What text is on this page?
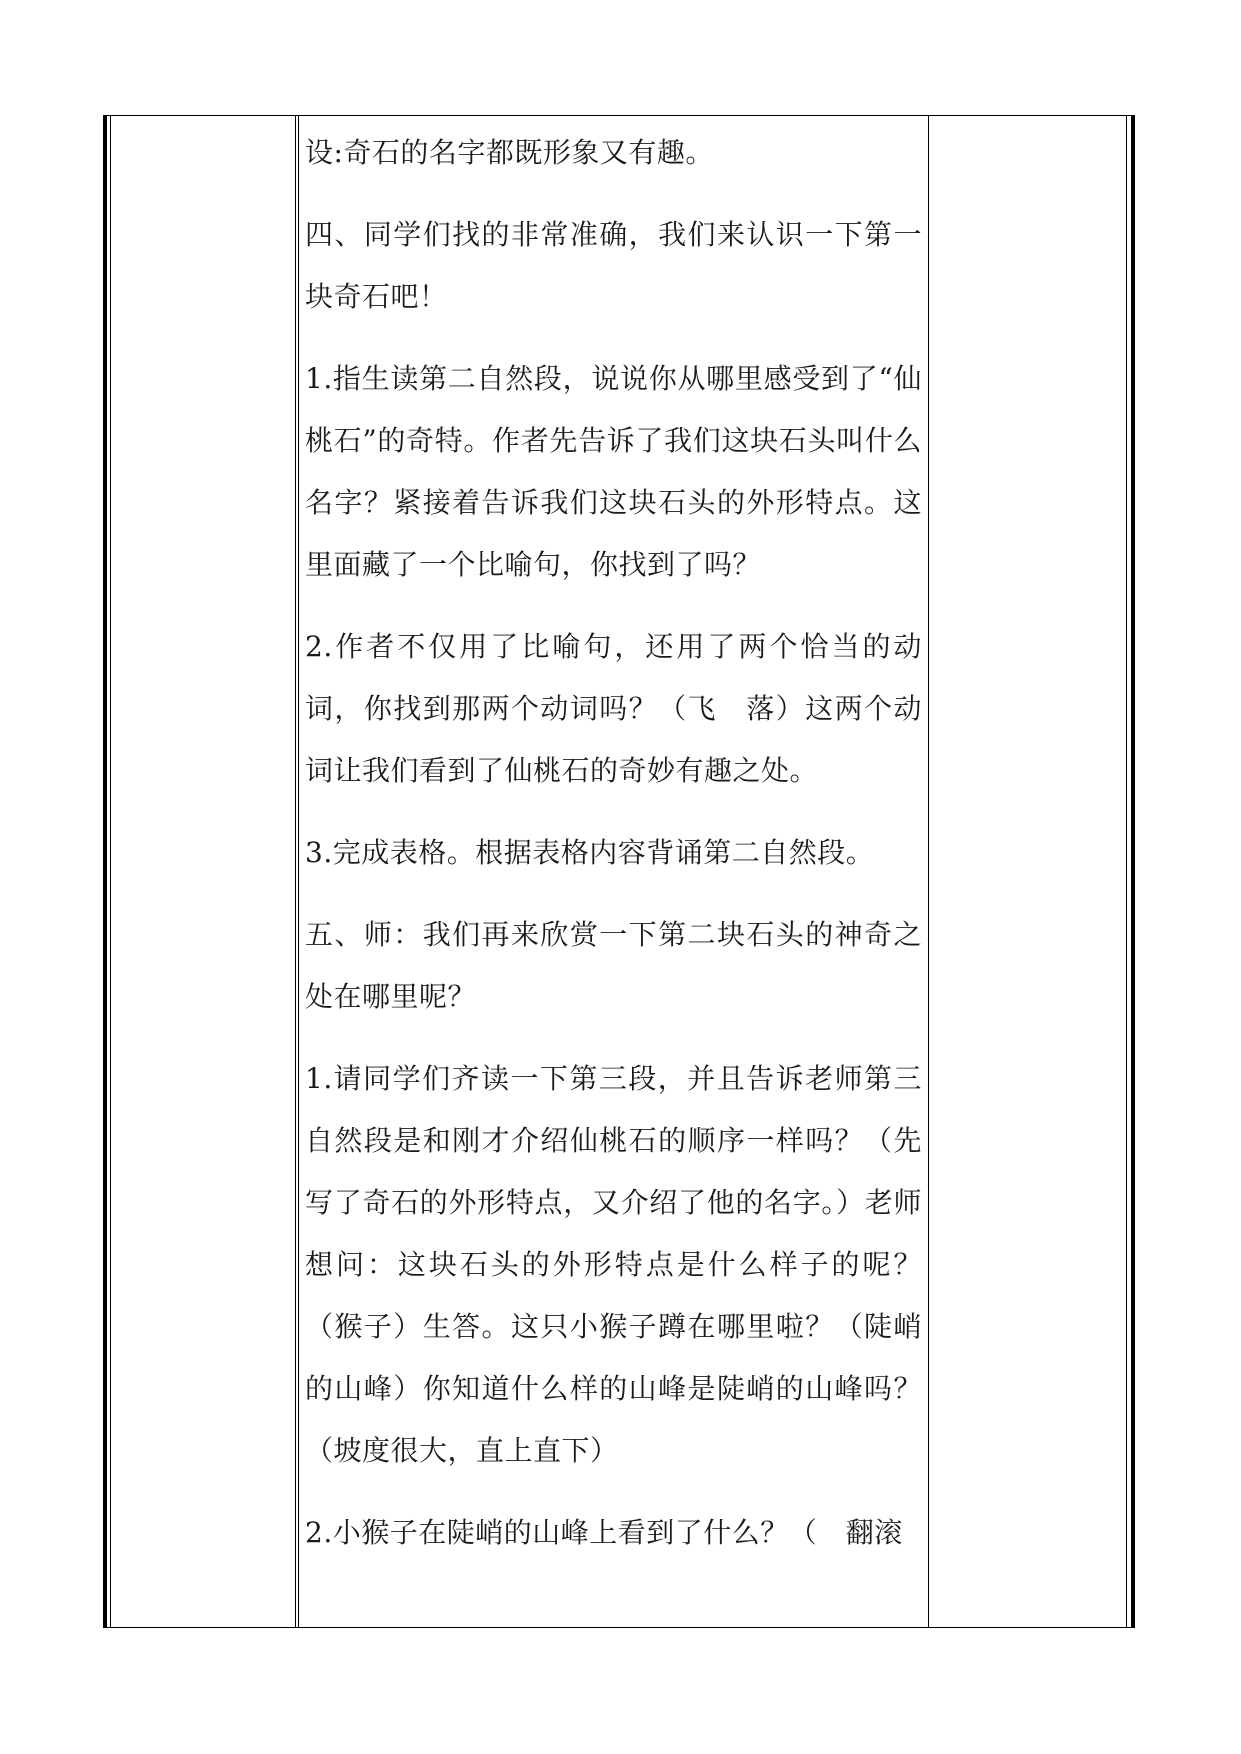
设:奇石的名字都既形象又有趣。

四、同学们找的非常准确，我们来认识一下第一块奇石吧！

1.指生读第二自然段，说说你从哪里感受到了“仙桃石”的奇特。作者先告诉了我们这块石头叫什么名字？紧接着告诉我们这块石头的外形特点。这里面藏了一个比喻句，你找到了吗？

2.作者不仅用了比喻句，还用了两个恰当的动词，你找到那两个动词吗？（飞　落）这两个动词让我们看到了仙桃石的奇妙有趣之处。

3.完成表格。根据表格内容背诵第二自然段。

五、师：我们再来欣赏一下第二块石头的神奇之处在哪里呢？

1.请同学们齐读一下第三段，并且告诉老师第三自然段是和刚才介绍仙桃石的顺序一样吗？（先写了奇石的外形特点，又介绍了他的名字。）老师想问：这块石头的外形特点是什么样子的呢？（猴子）生答。这只小猴子蹲在哪里啦？（陡峭的山峰）你知道什么样的山峰是陡峭的山峰吗？（坡度很大，直上直下）

2.小猴子在陡峭的山峰上看到了什么？（　翻滚
